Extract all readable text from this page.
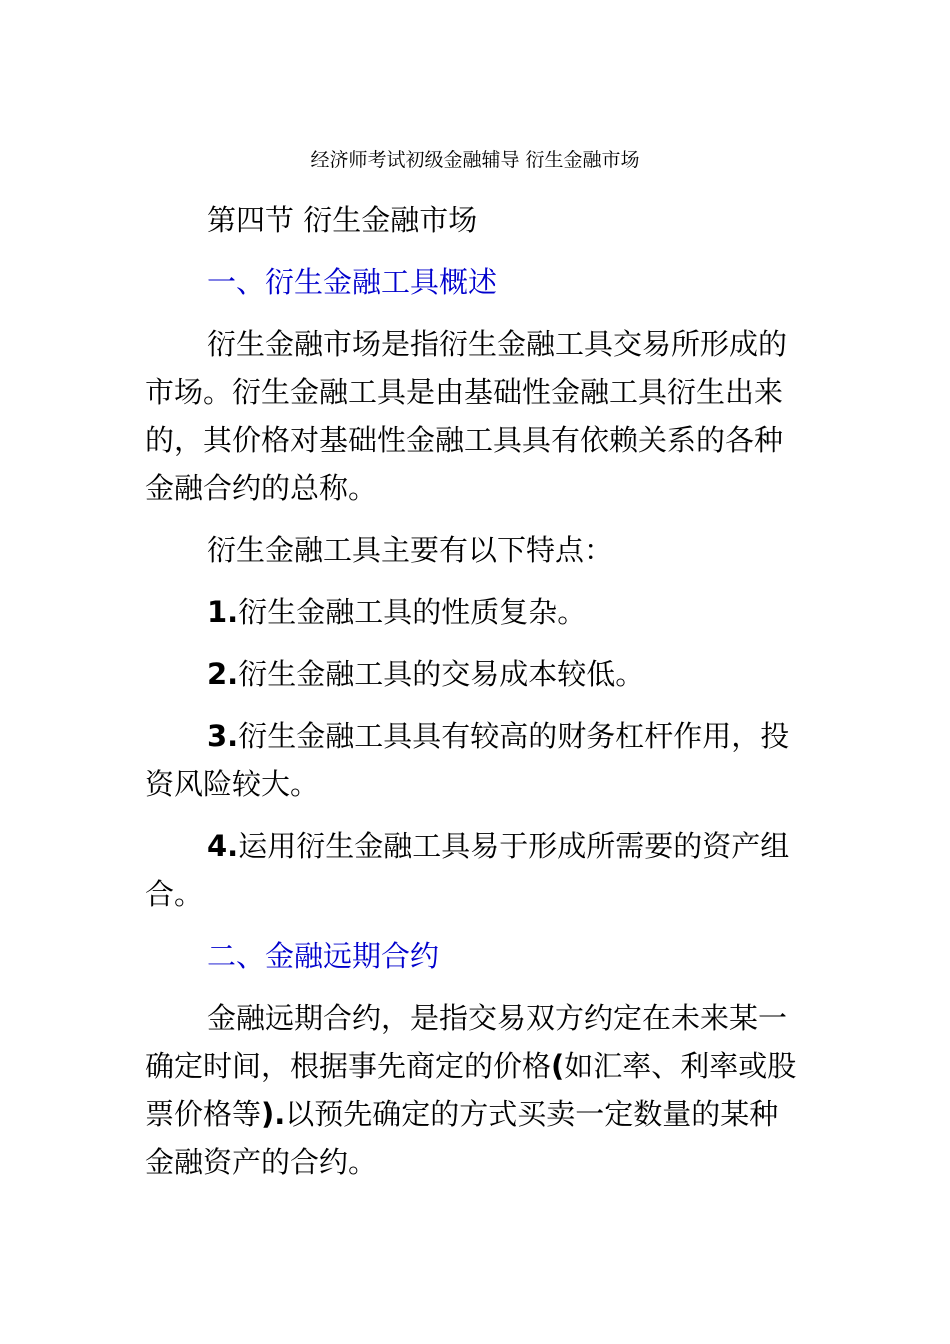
经济师考试初级金融辅导 衍生金融市场

第四节 衍生金融市场

一、衍生金融工具概述

衍生金融市场是指衍生金融工具交易所形成的市场。衍生金融工具是由基础性金融工具衍生出来的，其价格对基础性金融工具具有依赖关系的各种金融合约的总称。

衍生金融工具主要有以下特点：

1.衍生金融工具的性质复杂。

2.衍生金融工具的交易成本较低。

3.衍生金融工具具有较高的财务杠杆作用，投资风险较大。

4.运用衍生金融工具易于形成所需要的资产组合。

二、金融远期合约

金融远期合约，是指交易双方约定在未来某一确定时间，根据事先商定的价格(如汇率、利率或股票价格等).以预先确定的方式买卖一定数量的某种金融资产的合约。
